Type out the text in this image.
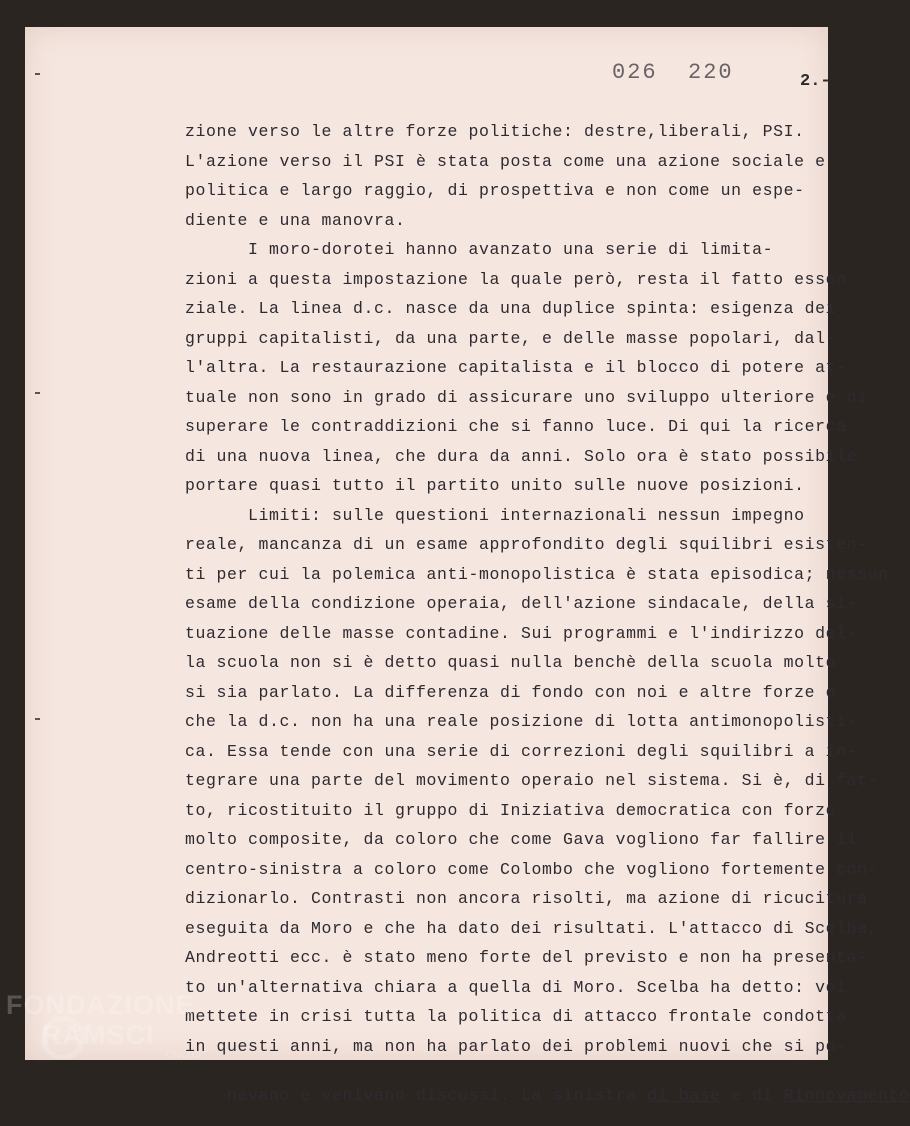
026  220	2.-
zione verso le altre forze politiche: destre,liberali, PSI.
L'azione verso il PSI è stata posta come una azione sociale e
politica e largo raggio, di prospettiva e non come un espe-
diente e una manovra.
I moro-dorotei hanno avanzato una serie di limita-
zioni a questa impostazione la quale però, resta il fatto essen
ziale. La linea d.c. nasce da una duplice spinta: esigenza dei
gruppi capitalisti, da una parte, e delle masse popolari, dal-
l'altra. La restaurazione capitalista e il blocco di potere at-
tuale non sono in grado di assicurare uno sviluppo ulteriore e di
superare le contraddizioni che si fanno luce. Di qui la ricerca
di una nuova linea, che dura da anni. Solo ora è stato possibile
portare quasi tutto il partito unito sulle nuove posizioni.
Limiti: sulle questioni internazionali nessun impegno
reale, mancanza di un esame approfondito degli squilibri esisten-
ti per cui la polemica anti-monopolistica è stata episodica; nessun
esame della condizione operaia, dell'azione sindacale, della si-
tuazione delle masse contadine. Sui programmi e l'indirizzo del-
la scuola non si è detto quasi nulla benchè della scuola molto
si sia parlato. La differenza di fondo con noi e altre forze è
che la d.c. non ha una reale posizione di lotta antimonopolisti-
ca. Essa tende con una serie di correzioni degli squilibri a in-
tegrare una parte del movimento operaio nel sistema. Si è, di fat-
to, ricostituito il gruppo di Iniziativa democratica con forze
molto composite, da coloro che come Gava vogliono far fallire il
centro-sinistra a coloro come Colombo che vogliono fortemente con-
dizionarlo. Contrasti non ancora risolti, ma azione di ricucitura
eseguita da Moro e che ha dato dei risultati. L'attacco di Scelba,
Andreotti ecc. è stato meno forte del previsto e non ha presenta-
to un'alternativa chiara a quella di Moro. Scelba ha detto: voi
mettete in crisi tutta la politica di attacco frontale condotta
in questi anni, ma non ha parlato dei problemi nuovi che si po-

nevano e venivano discussi. La sinistra di base e di Rinnovamento

FONDAZIONE
RAMSCI
ONLUS
